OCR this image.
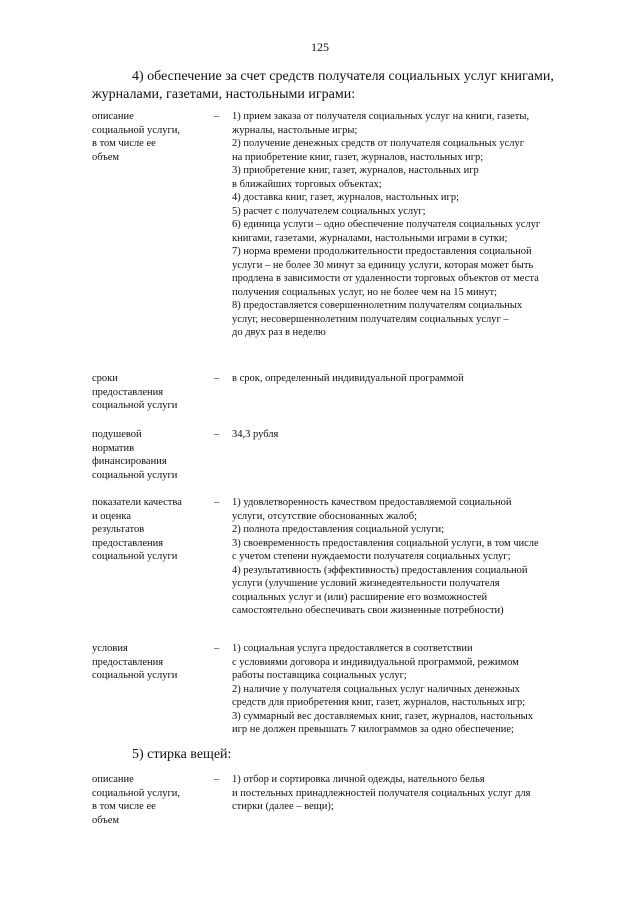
125
4) обеспечение за счет средств получателя социальных услуг книгами,
журналами, газетами, настольными играми:
описание
социальной услуги,
в том числе ее
объем
–	1) прием заказа от получателя социальных услуг на книги, газеты,
журналы, настольные игры;
2) получение денежных средств от получателя социальных услуг
на приобретение книг, газет, журналов, настольных игр;
3) приобретение книг, газет, журналов, настольных игр
в ближайших торговых объектах;
4) доставка книг, газет, журналов, настольных игр;
5) расчет с получателем социальных услуг;
6) единица услуги – одно обеспечение получателя социальных услуг
книгами, газетами, журналами, настольными играми в сутки;
7) норма времени продолжительности предоставления социальной
услуги – не более 30 минут за единицу услуги, которая может быть
продлена в зависимости от удаленности торговых объектов от места
получения социальных услуг, но не более чем на 15 минут;
8) предоставляется совершеннолетним получателям социальных
услуг, несовершеннолетним получателям социальных услуг –
до двух раз в неделю
сроки
предоставления
социальной услуги
–	в срок, определенный индивидуальной программой
подушевой
норматив
финансирования
социальной услуги
–	34,3 рубля
показатели качества
и оценка
результатов
предоставления
социальной услуги
–	1) удовлетворенность качеством предоставляемой социальной
услуги, отсутствие обоснованных жалоб;
2) полнота предоставления социальной услуги;
3) своевременность предоставления социальной услуги, в том числе
с учетом степени нуждаемости получателя социальных услуг;
4) результативность (эффективность) предоставления социальной
услуги (улучшение условий жизнедеятельности получателя
социальных услуг и (или) расширение его возможностей
самостоятельно обеспечивать свои жизненные потребности)
условия
предоставления
социальной услуги
–	1) социальная услуга предоставляется в соответствии
с условиями договора и индивидуальной программой, режимом
работы поставщика социальных услуг;
2) наличие у получателя социальных услуг наличных денежных
средств для приобретения книг, газет, журналов, настольных игр;
3) суммарный вес доставляемых книг, газет, журналов, настольных
игр не должен превышать 7 килограммов за одно обеспечение;
5) стирка вещей:
описание
социальной услуги,
в том числе ее
объем
–	1) отбор и сортировка личной одежды, нательного белья
и постельных принадлежностей получателя социальных услуг для
стирки (далее – вещи);
